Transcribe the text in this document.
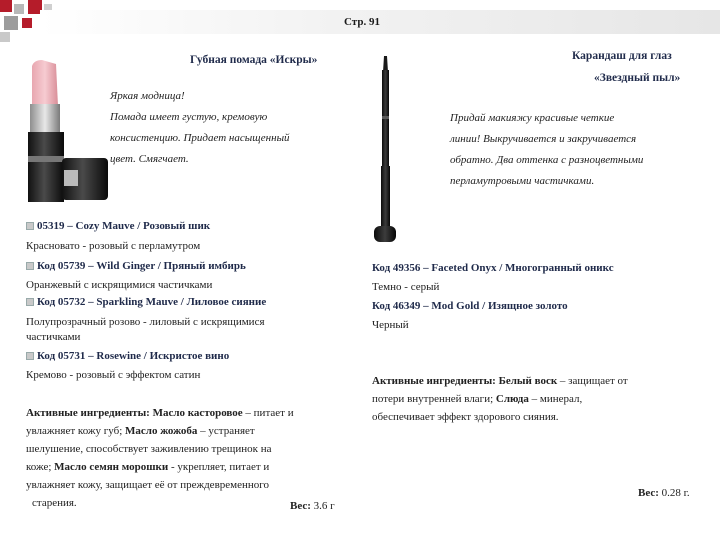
Стр. 91
Губная помада «Искры»
Яркая модница!
Помада имеет густую, кремовую
консистенцию. Придает насыщенный
цвет. Смягчает.
05319 – Cozy Mauve / Розовый шик
Красновато - розовый с перламутром
Код 05739 – Wild Ginger / Пряный имбирь
Оранжевый с искрящимися частичками
Код 05732 – Sparkling Mauve / Лиловое сияние
Полупрозрачный розово - лиловый с искрящимися
частичками
Код 05731 – Rosewine / Искристое вино
Кремово - розовый с эффектом сатин
Активные ингредиенты: Масло касторовое – питает и
увлажняет кожу губ; Масло жожоба – устраняет
шелушение, способствует заживлению трещинок на
коже; Масло семян морошки - укрепляет, питает и
увлажняет кожу, защищает её от преждевременного
старения.	Вес: 3.6 г
Карандаш для глаз
«Звездный пыл»
Придай макияжу красивые четкие
линии! Выкручивается и закручивается
обратно. Два оттенка с разноцветными
перламутровыми частичками.
Код 49356 – Faceted Onyx / Многогранный оникс
Темно - серый
Код 46349 – Mod Gold / Изящное золото
Черный
Активные ингредиенты: Белый воск – защищает от
потери внутренней влаги; Слюда – минерал,
обеспечивает эффект здорового сияния.
Вес: 0.28 г.
